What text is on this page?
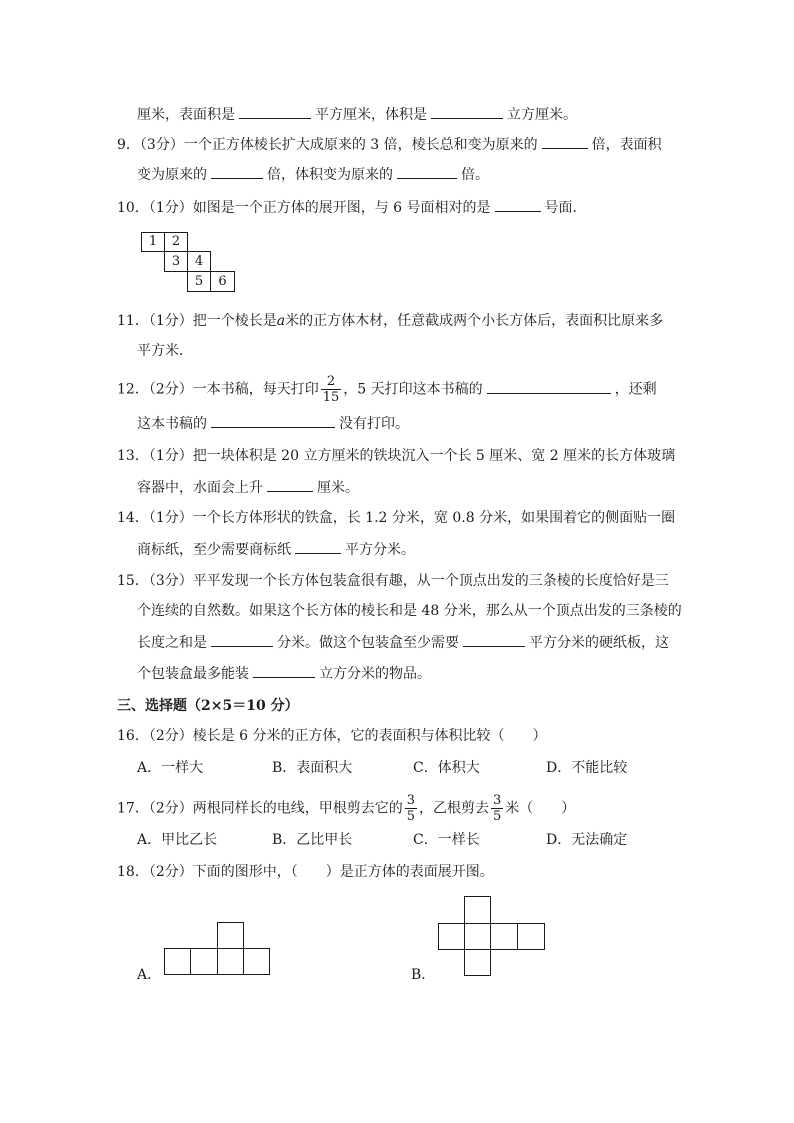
厘米，表面积是	平方厘米，体积是	立方厘米。
9．（3分）一个正方体棱长扩大成原来的 3 倍，棱长总和变为原来的	倍，表面积
变为原来的	倍，体积变为原来的	倍。
10．（1分）如图是一个正方体的展开图，与 6 号面相对的是	号面．
1	2
3	4
5	6
11．（1分）把一个棱长是a米的正方体木材，任意截成两个小长方体后，表面积比原来多
平方米．
12．（2分）一本书稿，每天打印 $\frac{2}{15}$ ，5 天打印这本书稿的	，还剩
这本书稿的	没有打印。
13．（1分）把一块体积是 20 立方厘米的铁块沉入一个长 5 厘米、宽 2 厘米的长方体玻璃
容器中，水面会上升	厘米。
14．（1分）一个长方体形状的铁盒，长 1.2 分米，宽 0.8 分米，如果围着它的侧面贴一圈
商标纸，至少需要商标纸	平方分米。
15．（3分）平平发现一个长方体包装盒很有趣，从一个顶点出发的三条棱的长度恰好是三
个连续的自然数。如果这个长方体的棱长和是 48 分米，那么从一个顶点出发的三条棱的
长度之和是	分米。做这个包装盒至少需要	平方分米的硬纸板，这
个包装盒最多能装	立方分米的物品。
三、选择题（2×5＝10 分）
16．（2分）棱长是 6 分米的正方体，它的表面积与体积比较（　　）
A．一样大	B．表面积大	C．体积大	D．不能比较
17．（2分）两根同样长的电线，甲根剪去它的 $\frac{3}{5}$ ，乙根剪去 $\frac{3}{5}$ 米（　　）
A．甲比乙长	B．乙比甲长	C．一样长	D．无法确定
18．（2分）下面的图形中，（　　）是正方体的表面展开图。
A．	B．
